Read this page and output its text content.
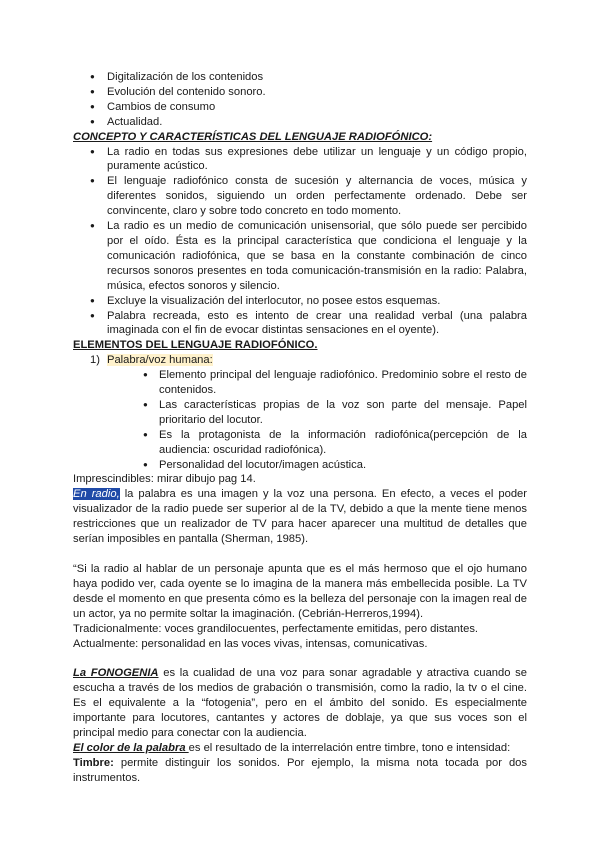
● Digitalización de los contenidos
● Evolución del contenido sonoro.
● Cambios de consumo
● Actualidad.
CONCEPTO Y CARACTERÍSTICAS DEL LENGUAJE RADIOFÓNICO:
● La radio en todas sus expresiones debe utilizar un lenguaje y un código propio, puramente acústico.
● El lenguaje radiofónico consta de sucesión y alternancia de voces, música y diferentes sonidos, siguiendo un orden perfectamente ordenado. Debe ser convincente, claro y sobre todo concreto en todo momento.
● La radio es un medio de comunicación unisensorial, que sólo puede ser percibido por el oído. Ésta es la principal característica que condiciona el lenguaje y la comunicación radiofónica, que se basa en la constante combinación de cinco recursos sonoros presentes en toda comunicación-transmisión en la radio: Palabra, música, efectos sonoros y silencio.
● Excluye la visualización del interlocutor, no posee estos esquemas.
● Palabra recreada, esto es intento de crear una realidad verbal (una palabra imaginada con el fin de evocar distintas sensaciones en el oyente).
ELEMENTOS DEL LENGUAJE RADIOFÓNICO.
1) Palabra/voz humana:
● Elemento principal del lenguaje radiofónico. Predominio sobre el resto de contenidos.
● Las características propias de la voz son parte del mensaje. Papel prioritario del locutor.
● Es la protagonista de la información radiofónica(percepción de la audiencia: oscuridad radiofónica).
● Personalidad del locutor/imagen acústica.

Imprescindibles: mirar dibujo pag 14.

En radio, la palabra es una imagen y la voz una persona. En efecto, a veces el poder visualizador de la radio puede ser superior al de la TV, debido a que la mente tiene menos restricciones que un realizador de TV para hacer aparecer una multitud de detalles que serían imposibles en pantalla (Sherman, 1985).

“Si la radio al hablar de un personaje apunta que es el más hermoso que el ojo humano haya podido ver, cada oyente se lo imagina de la manera más embellecida posible. La TV desde el momento en que presenta cómo es la belleza del personaje con la imagen real de un actor, ya no permite soltar la imaginación. (Cebrián-Herreros,1994).

Tradicionalmente: voces grandilocuentes, perfectamente emitidas, pero distantes.

Actualmente: personalidad en las voces vivas, intensas, comunicativas.

La FONOGENIA es la cualidad de una voz para sonar agradable y atractiva cuando se escucha a través de los medios de grabación o transmisión, como la radio, la tv o el cine. Es el equivalente a la “fotogenia”, pero en el ámbito del sonido. Es especialmente importante para locutores, cantantes y actores de doblaje, ya que sus voces son el principal medio para conectar con la audiencia.

El color de la palabra es el resultado de la interrelación entre timbre, tono e intensidad:

Timbre: permite distinguir los sonidos. Por ejemplo, la misma nota tocada por dos instrumentos.
